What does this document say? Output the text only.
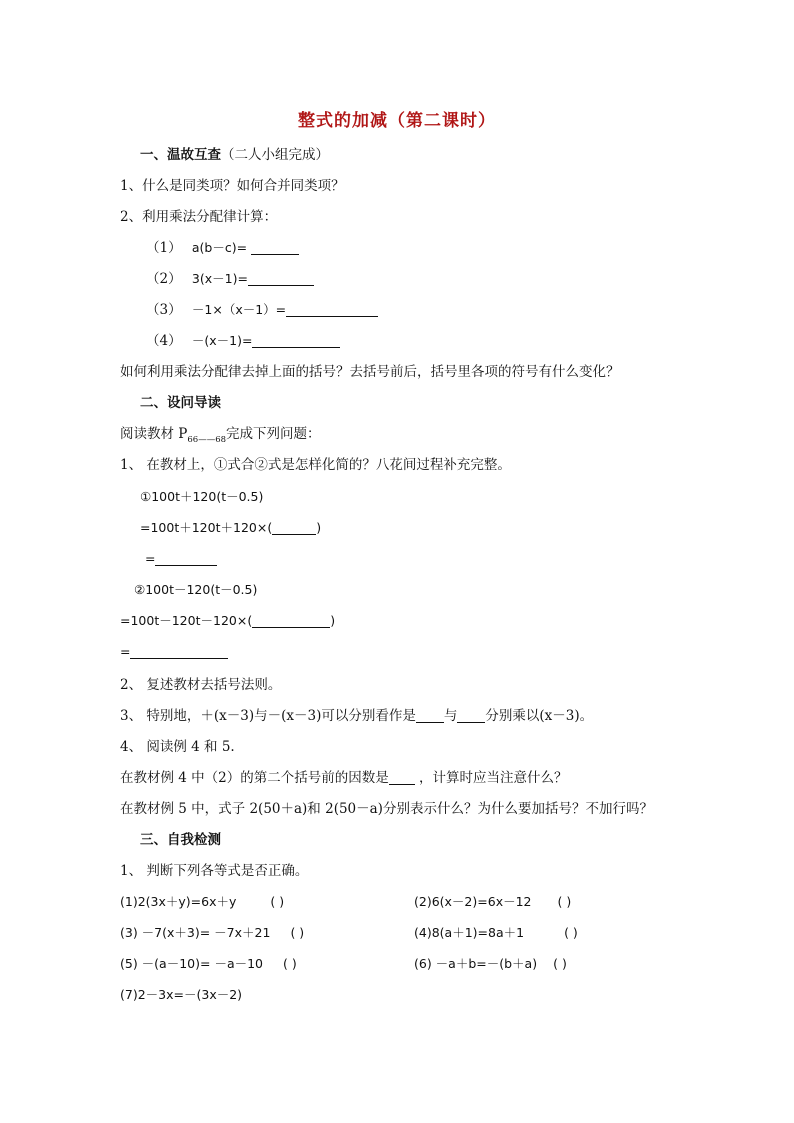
整式的加减（第二课时）
一、温故互查（二人小组完成）
1、什么是同类项？如何合并同类项？
2、利用乘法分配律计算：
（1） a(b－c)=
（2） 3(x－1)=
（3） －1×（x－1）=
（4） －(x－1)=
如何利用乘法分配律去掉上面的括号？去括号前后，括号里各项的符号有什么变化？
二、设问导读
阅读教材 $P_{66——68}$完成下列问题：
1、 在教材上，①式合②式是怎样化简的？八花间过程补充完整。
①100t＋120(t－0.5)
=100t＋120t＋120×(	)
=
②100t－120(t－0.5)
=100t－120t－120×(	)
=
2、 复述教材去括号法则。
3、 特别地，＋(x－3)与－(x－3)可以分别看作是 与 分别乘以(x－3)。
4、 阅读例 4 和 5.
在教材例 4 中（2）的第二个括号前的因数是 ，计算时应当注意什么？
在教材例 5 中，式子 2(50＋a)和 2(50－a)分别表示什么？为什么要加括号？不加行吗？
三、自我检测
1、 判断下列各等式是否正确。
(1)2(3x＋y)=6x＋y	( )	(2)6(x－2)=6x－12 ( )
(3) －7(x＋3)= －7x＋21 ( )	(4)8(a＋1)=8a＋1	( )
(5) －(a－10)= －a－10 ( )	(6) －a＋b=－(b＋a) ( )
(7)2－3x=－(3x－2)
